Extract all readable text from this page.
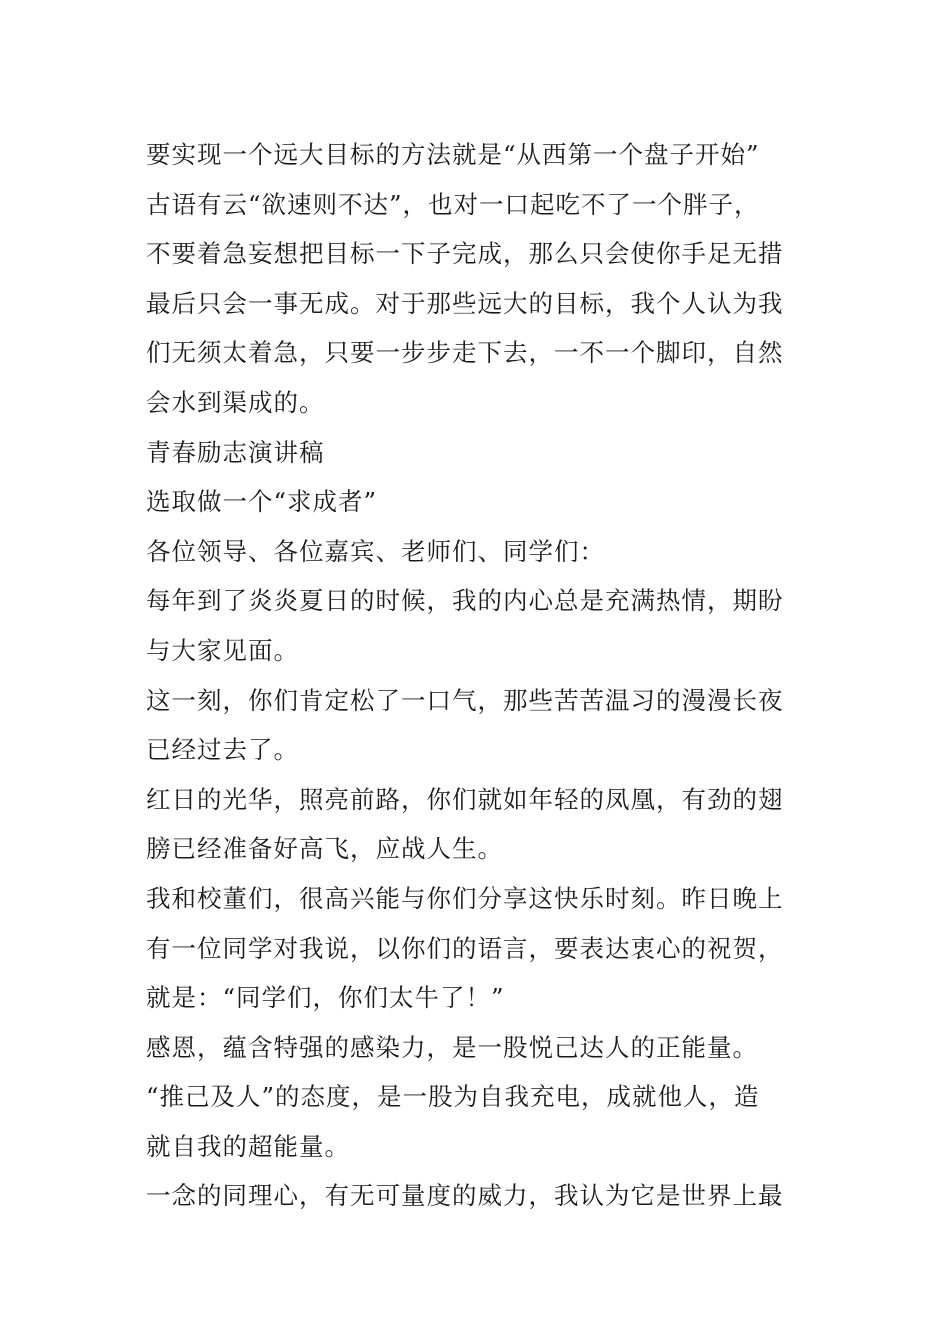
要实现一个远大目标的方法就是“从西第一个盘子开始”
古语有云“欲速则不达”，也对一口起吃不了一个胖子，
不要着急妄想把目标一下子完成，那么只会使你手足无措
最后只会一事无成。对于那些远大的目标，我个人认为我
们无须太着急，只要一步步走下去，一不一个脚印，自然
会水到渠成的。
青春励志演讲稿
选取做一个“求成者”
各位领导、各位嘉宾、老师们、同学们：
每年到了炎炎夏日的时候，我的内心总是充满热情，期盼
与大家见面。
这一刻，你们肯定松了一口气，那些苦苦温习的漫漫长夜
已经过去了。
红日的光华，照亮前路，你们就如年轻的凤凰，有劲的翅
膀已经准备好高飞，应战人生。
我和校董们，很高兴能与你们分享这快乐时刻。昨日晚上
有一位同学对我说，以你们的语言，要表达衷心的祝贺，
就是：“同学们，你们太牛了！”
感恩，蕴含特强的感染力，是一股悦己达人的正能量。
“推己及人”的态度，是一股为自我充电，成就他人，造
就自我的超能量。
一念的同理心，有无可量度的威力，我认为它是世界上最
